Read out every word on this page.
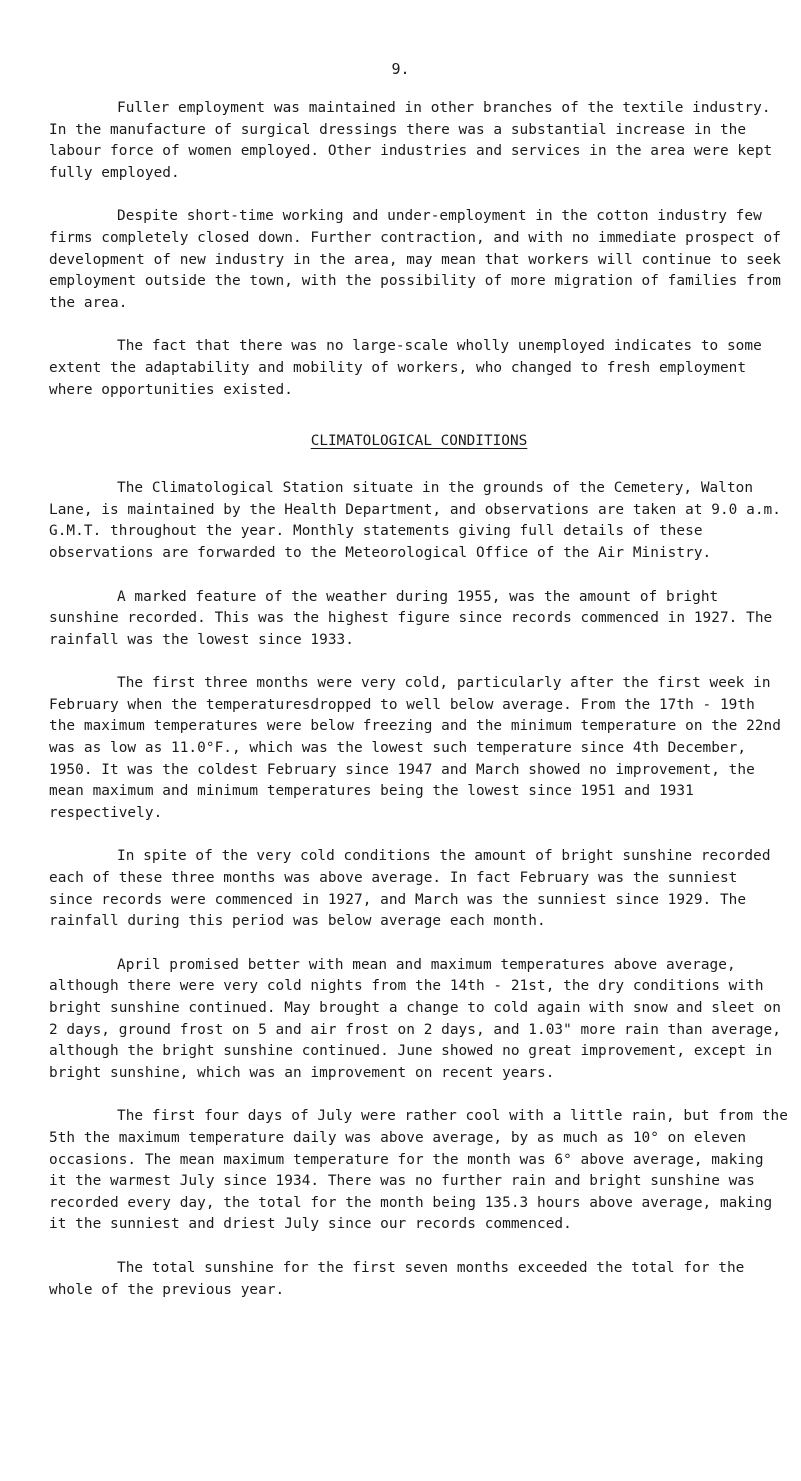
9.

Fuller employment was maintained in other branches of the textile industry. In the manufacture of surgical dressings there was a substantial increase in the labour force of women employed. Other industries and services in the area were kept fully employed.

Despite short-time working and under-employment in the cotton industry few firms completely closed down. Further contraction, and with no immediate prospect of development of new industry in the area, may mean that workers will continue to seek employment outside the town, with the possibility of more migration of families from the area.

The fact that there was no large-scale wholly unemployed indicates to some extent the adaptability and mobility of workers, who changed to fresh employment where opportunities existed.

CLIMATOLOGICAL CONDITIONS

The Climatological Station situate in the grounds of the Cemetery, Walton Lane, is maintained by the Health Department, and observations are taken at 9.0 a.m. G.M.T. throughout the year. Monthly statements giving full details of these observations are forwarded to the Meteorological Office of the Air Ministry.

A marked feature of the weather during 1955, was the amount of bright sunshine recorded. This was the highest figure since records commenced in 1927. The rainfall was the lowest since 1933.

The first three months were very cold, particularly after the first week in February when the temperaturesdropped to well below average. From the 17th - 19th the maximum temperatures were below freezing and the minimum temperature on the 22nd was as low as 11.0°F., which was the lowest such temperature since 4th December, 1950. It was the coldest February since 1947 and March showed no improvement, the mean maximum and minimum temperatures being the lowest since 1951 and 1931 respectively.

In spite of the very cold conditions the amount of bright sunshine recorded each of these three months was above average. In fact February was the sunniest since records were commenced in 1927, and March was the sunniest since 1929. The rainfall during this period was below average each month.

April promised better with mean and maximum temperatures above average, although there were very cold nights from the 14th - 21st, the dry conditions with bright sunshine continued. May brought a change to cold again with snow and sleet on 2 days, ground frost on 5 and air frost on 2 days, and 1.03" more rain than average, although the bright sunshine continued. June showed no great improvement, except in bright sunshine, which was an improvement on recent years.

The first four days of July were rather cool with a little rain, but from the 5th the maximum temperature daily was above average, by as much as 10° on eleven occasions. The mean maximum temperature for the month was 6° above average, making it the warmest July since 1934. There was no further rain and bright sunshine was recorded every day, the total for the month being 135.3 hours above average, making it the sunniest and driest July since our records commenced.

The total sunshine for the first seven months exceeded the total for the whole of the previous year.
